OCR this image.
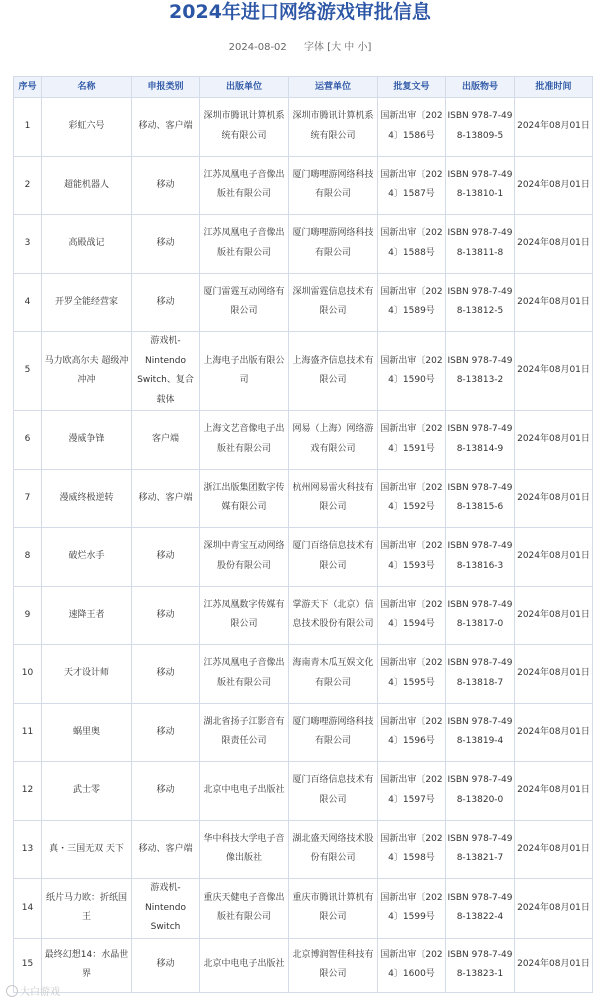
2024年进口网络游戏审批信息
2024-08-02 字体 [大 中 小]
序号	名称	申报类别	出版单位	运营单位	批复文号	出版物号	批准时间
1	彩虹六号	移动、客户端	深圳市腾讯计算机系统有限公司	深圳市腾讯计算机系统有限公司	国新出审〔2024〕1586号	ISBN 978-7-498-13809-5	2024年08月01日
2	超能机器人	移动	江苏凤凰电子音像出版社有限公司	厦门嗨哩游网络科技有限公司	国新出审〔2024〕1587号	ISBN 978-7-498-13810-1	2024年08月01日
3	高殿战记	移动	江苏凤凰电子音像出版社有限公司	厦门嗨哩游网络科技有限公司	国新出审〔2024〕1588号	ISBN 978-7-498-13811-8	2024年08月01日
4	开罗全能经营家	移动	厦门雷霆互动网络有限公司	深圳雷霆信息技术有限公司	国新出审〔2024〕1589号	ISBN 978-7-498-13812-5	2024年08月01日
5	马力欧高尔夫 超级冲冲冲	游戏机-Nintendo Switch、复合载体	上海电子出版有限公司	上海盛齐信息技术有限公司	国新出审〔2024〕1590号	ISBN 978-7-498-13813-2	2024年08月01日
6	漫威争锋	客户端	上海文艺音像电子出版社有限公司	网易（上海）网络游戏有限公司	国新出审〔2024〕1591号	ISBN 978-7-498-13814-9	2024年08月01日
7	漫威终极逆转	移动、客户端	浙江出版集团数字传媒有限公司	杭州网易雷火科技有限公司	国新出审〔2024〕1592号	ISBN 978-7-498-13815-6	2024年08月01日
8	破烂水手	移动	深圳中青宝互动网络股份有限公司	厦门百络信息技术有限公司	国新出审〔2024〕1593号	ISBN 978-7-498-13816-3	2024年08月01日
9	速降王者	移动	江苏凤凰数字传媒有限公司	掌游天下（北京）信息技术股份有限公司	国新出审〔2024〕1594号	ISBN 978-7-498-13817-0	2024年08月01日
10	天才设计师	移动	江苏凤凰电子音像出版社有限公司	海南青木瓜互娱文化有限公司	国新出审〔2024〕1595号	ISBN 978-7-498-13818-7	2024年08月01日
11	蜗里奥	移动	湖北省扬子江影音有限责任公司	厦门嗨哩游网络科技有限公司	国新出审〔2024〕1596号	ISBN 978-7-498-13819-4	2024年08月01日
12	武士零	移动	北京中电电子出版社	厦门百络信息技术有限公司	国新出审〔2024〕1597号	ISBN 978-7-498-13820-0	2024年08月01日
13	真・三国无双 天下	移动、客户端	华中科技大学电子音像出版社	湖北盛天网络技术股份有限公司	国新出审〔2024〕1598号	ISBN 978-7-498-13821-7	2024年08月01日
14	纸片马力欧：折纸国王	游戏机-Nintendo Switch	重庆天健电子音像出版社有限公司	重庆市腾讯计算机有限公司	国新出审〔2024〕1599号	ISBN 978-7-498-13822-4	2024年08月01日
15	最终幻想14：水晶世界	移动	北京中电电子出版社	北京博润智佳科技有限公司	国新出审〔2024〕1600号	ISBN 978-7-498-13823-1	2024年08月01日
大白游戏
